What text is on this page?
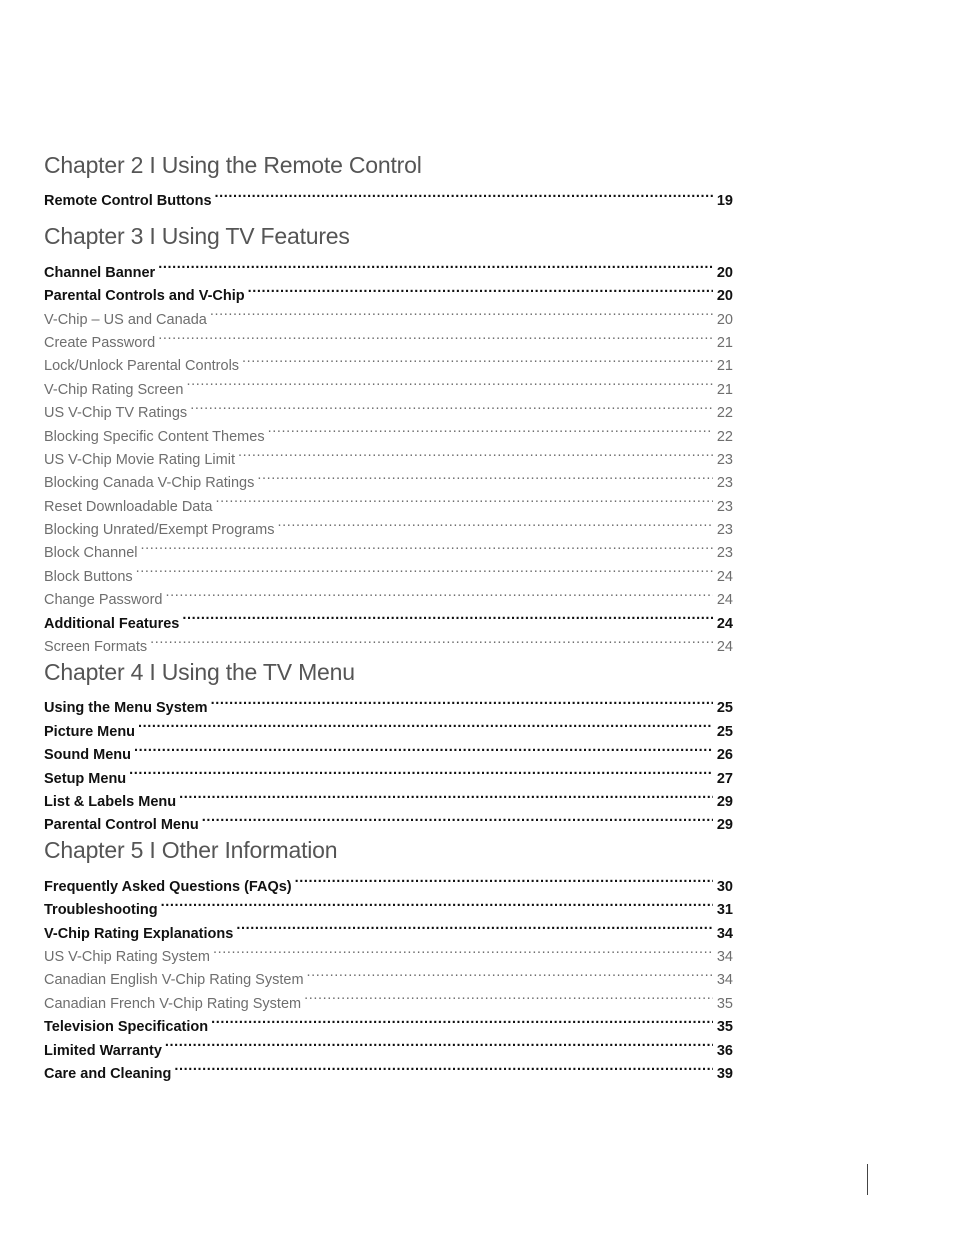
Chapter 2 I Using the Remote Control
Remote Control Buttons .....	19
Chapter 3 I Using TV Features
Channel Banner .....	20
Parental Controls and V-Chip .....	20
V-Chip – US and Canada .....	20
Create Password .....	21
Lock/Unlock Parental Controls .....	21
V-Chip Rating Screen .....	21
US V-Chip TV Ratings .....	22
Blocking Specific Content Themes .....	22
US V-Chip Movie Rating Limit .....	23
Blocking Canada V-Chip Ratings .....	23
Reset Downloadable Data .....	23
Blocking Unrated/Exempt Programs .....	23
Block Channel .....	23
Block Buttons .....	24
Change Password .....	24
Additional Features .....	24
Screen Formats .....	24
Chapter 4 I Using the TV Menu
Using the Menu System .....	25
Picture Menu .....	25
Sound Menu .....	26
Setup Menu .....	27
List & Labels Menu .....	29
Parental Control Menu .....	29
Chapter 5 I Other Information
Frequently Asked Questions (FAQs) .....	30
Troubleshooting .....	31
V-Chip Rating Explanations .....	34
US V-Chip Rating System .....	34
Canadian English V-Chip Rating System .....	34
Canadian French V-Chip Rating System .....	35
Television Specification .....	35
Limited Warranty .....	36
Care and Cleaning .....	39
